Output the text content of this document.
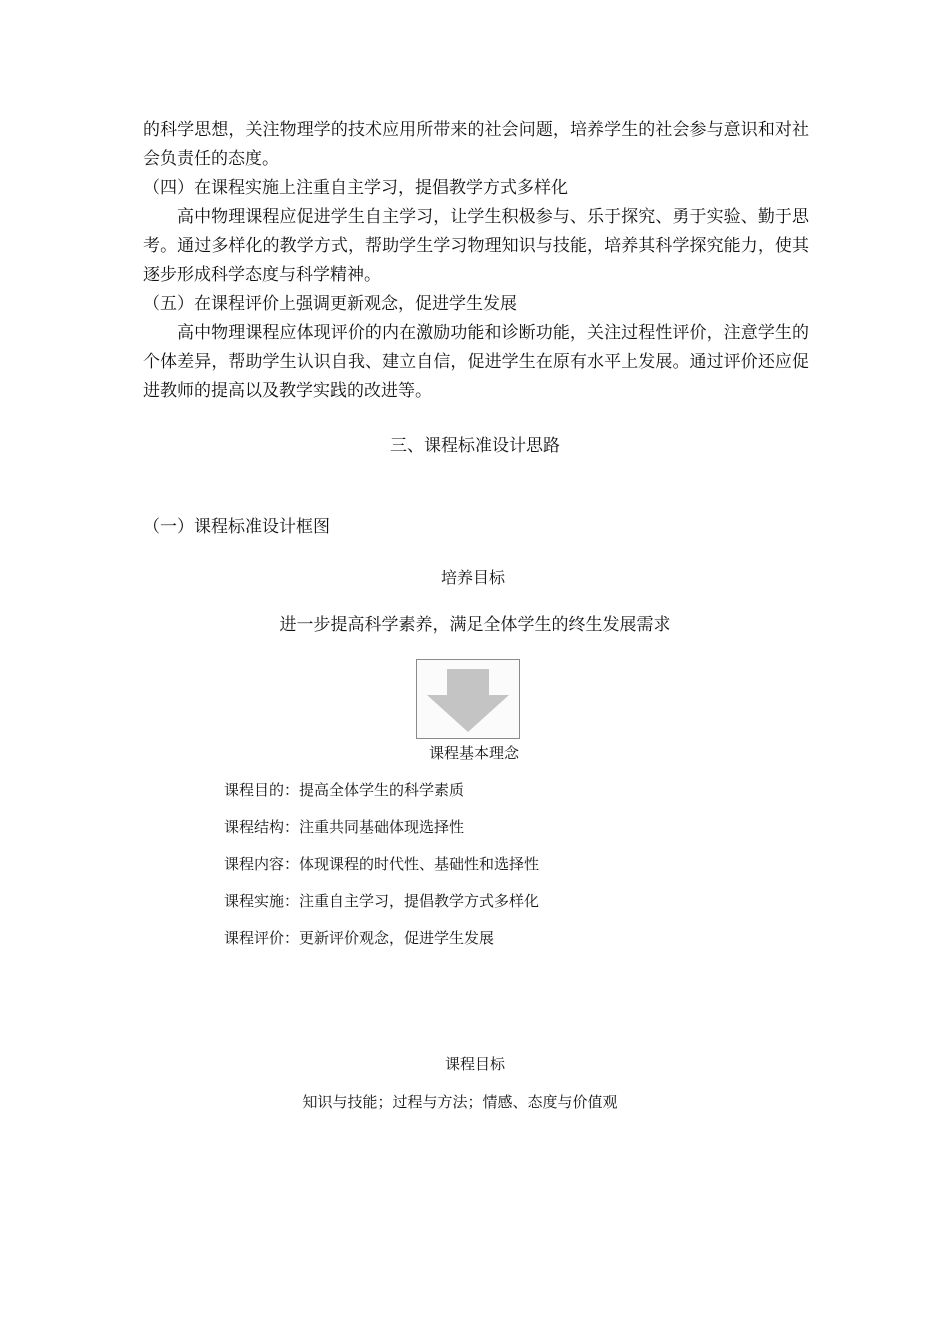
的科学思想，关注物理学的技术应用所带来的社会问题，培养学生的社会参与意识和对社会负责任的态度。

（四）在课程实施上注重自主学习，提倡教学方式多样化

高中物理课程应促进学生自主学习，让学生积极参与、乐于探究、勇于实验、勤于思考。通过多样化的教学方式，帮助学生学习物理知识与技能，培养其科学探究能力，使其逐步形成科学态度与科学精神。

（五）在课程评价上强调更新观念，促进学生发展

高中物理课程应体现评价的内在激励功能和诊断功能，关注过程性评价，注意学生的个体差异，帮助学生认识自我、建立自信，促进学生在原有水平上发展。通过评价还应促进教师的提高以及教学实践的改进等。

三、课程标准设计思路
（一）课程标准设计框图
培养目标
进一步提高科学素养，满足全体学生的终生发展需求
课程基本理念
课程目的：提高全体学生的科学素质
课程结构：注重共同基础体现选择性
课程内容：体现课程的时代性、基础性和选择性
课程实施：注重自主学习，提倡教学方式多样化
课程评价：更新评价观念，促进学生发展
课程目标
知识与技能；过程与方法；情感、态度与价值观
